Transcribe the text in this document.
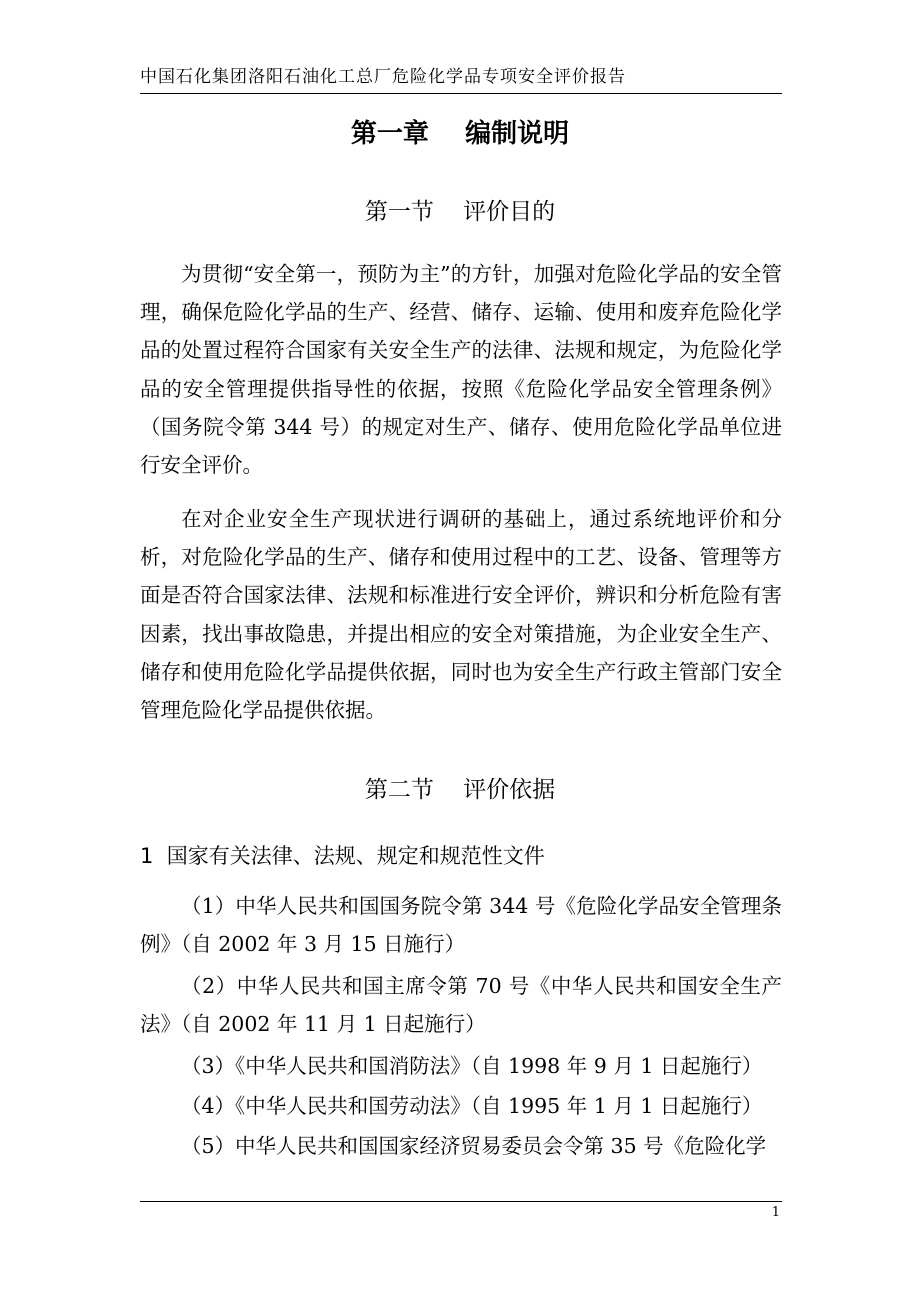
中国石化集团洛阳石油化工总厂危险化学品专项安全评价报告
第一章    编制说明
第一节    评价目的

为贯彻“安全第一，预防为主”的方针，加强对危险化学品的安全管理，确保危险化学品的生产、经营、储存、运输、使用和废弃危险化学品的处置过程符合国家有关安全生产的法律、法规和规定，为危险化学品的安全管理提供指导性的依据，按照《危险化学品安全管理条例》（国务院令第 344 号）的规定对生产、储存、使用危险化学品单位进行安全评价。

在对企业安全生产现状进行调研的基础上，通过系统地评价和分析，对危险化学品的生产、储存和使用过程中的工艺、设备、管理等方面是否符合国家法律、法规和标准进行安全评价，辨识和分析危险有害因素，找出事故隐患，并提出相应的安全对策措施，为企业安全生产、储存和使用危险化学品提供依据，同时也为安全生产行政主管部门安全管理危险化学品提供依据。

第二节    评价依据
1  国家有关法律、法规、规定和规范性文件

（1）中华人民共和国国务院令第 344 号《危险化学品安全管理条例》（自 2002 年 3 月 15 日施行）

（2）中华人民共和国主席令第 70 号《中华人民共和国安全生产法》（自 2002 年 11 月 1 日起施行）

（3）《中华人民共和国消防法》（自 1998 年 9 月 1 日起施行）

（4）《中华人民共和国劳动法》（自 1995 年 1 月 1 日起施行）

（5）中华人民共和国国家经济贸易委员会令第 35 号《危险化学

1
